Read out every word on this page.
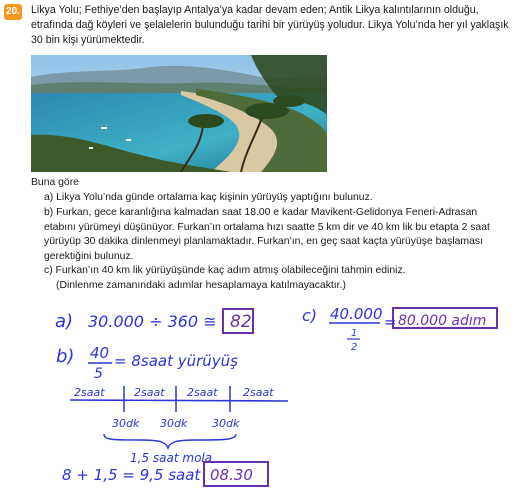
20. Likya Yolu; Fethiye’den başlayıp Antalya’ya kadar devam eden; Antik Likya kalıntılarının olduğu, etrafında dağ köyleri ve şelalelerin bulunduğu tarihi bir yürüyüş yoludur. Likya Yolu’nda her yıl yaklaşık 30 bin kişi yürümektedir.

Buna göre

a) Likya Yolu’nda günde ortalama kaç kişinin yürüyüş yaptığını bulunuz.

b) Furkan, gece karanlığına kalmadan saat 18.00 e kadar Mavikent-Gelidonya Feneri-Adrasan etabını yürümeyi düşünüyor. Furkan’ın ortalama hızı saatte 5 km dir ve 40 km lik bu etapta 2 saat yürüyüp 30 dakika dinlenmeyi planlamaktadır. Furkan’ın, en geç saat kaçta yürüyüşe başlaması gerektiğini bulunuz.

c) Furkan’ın 40 km lik yürüyüşünde kaç adım atmış olabileceğini tahmin ediniz.

(Dinlenme zamanındaki adımlar hesaplamaya katılmayacaktır.)

a) 30.000 ÷ 360 ≅ 82	c) 40.000
1
2
= 80.000 adım
b) 40
5
= 8saat yürüyüş
2saat	2saat 2saat 2saat
30dk 30dk 30dk
1,5 saat mola
8 + 1,5 = 9,5 saat 08.30
